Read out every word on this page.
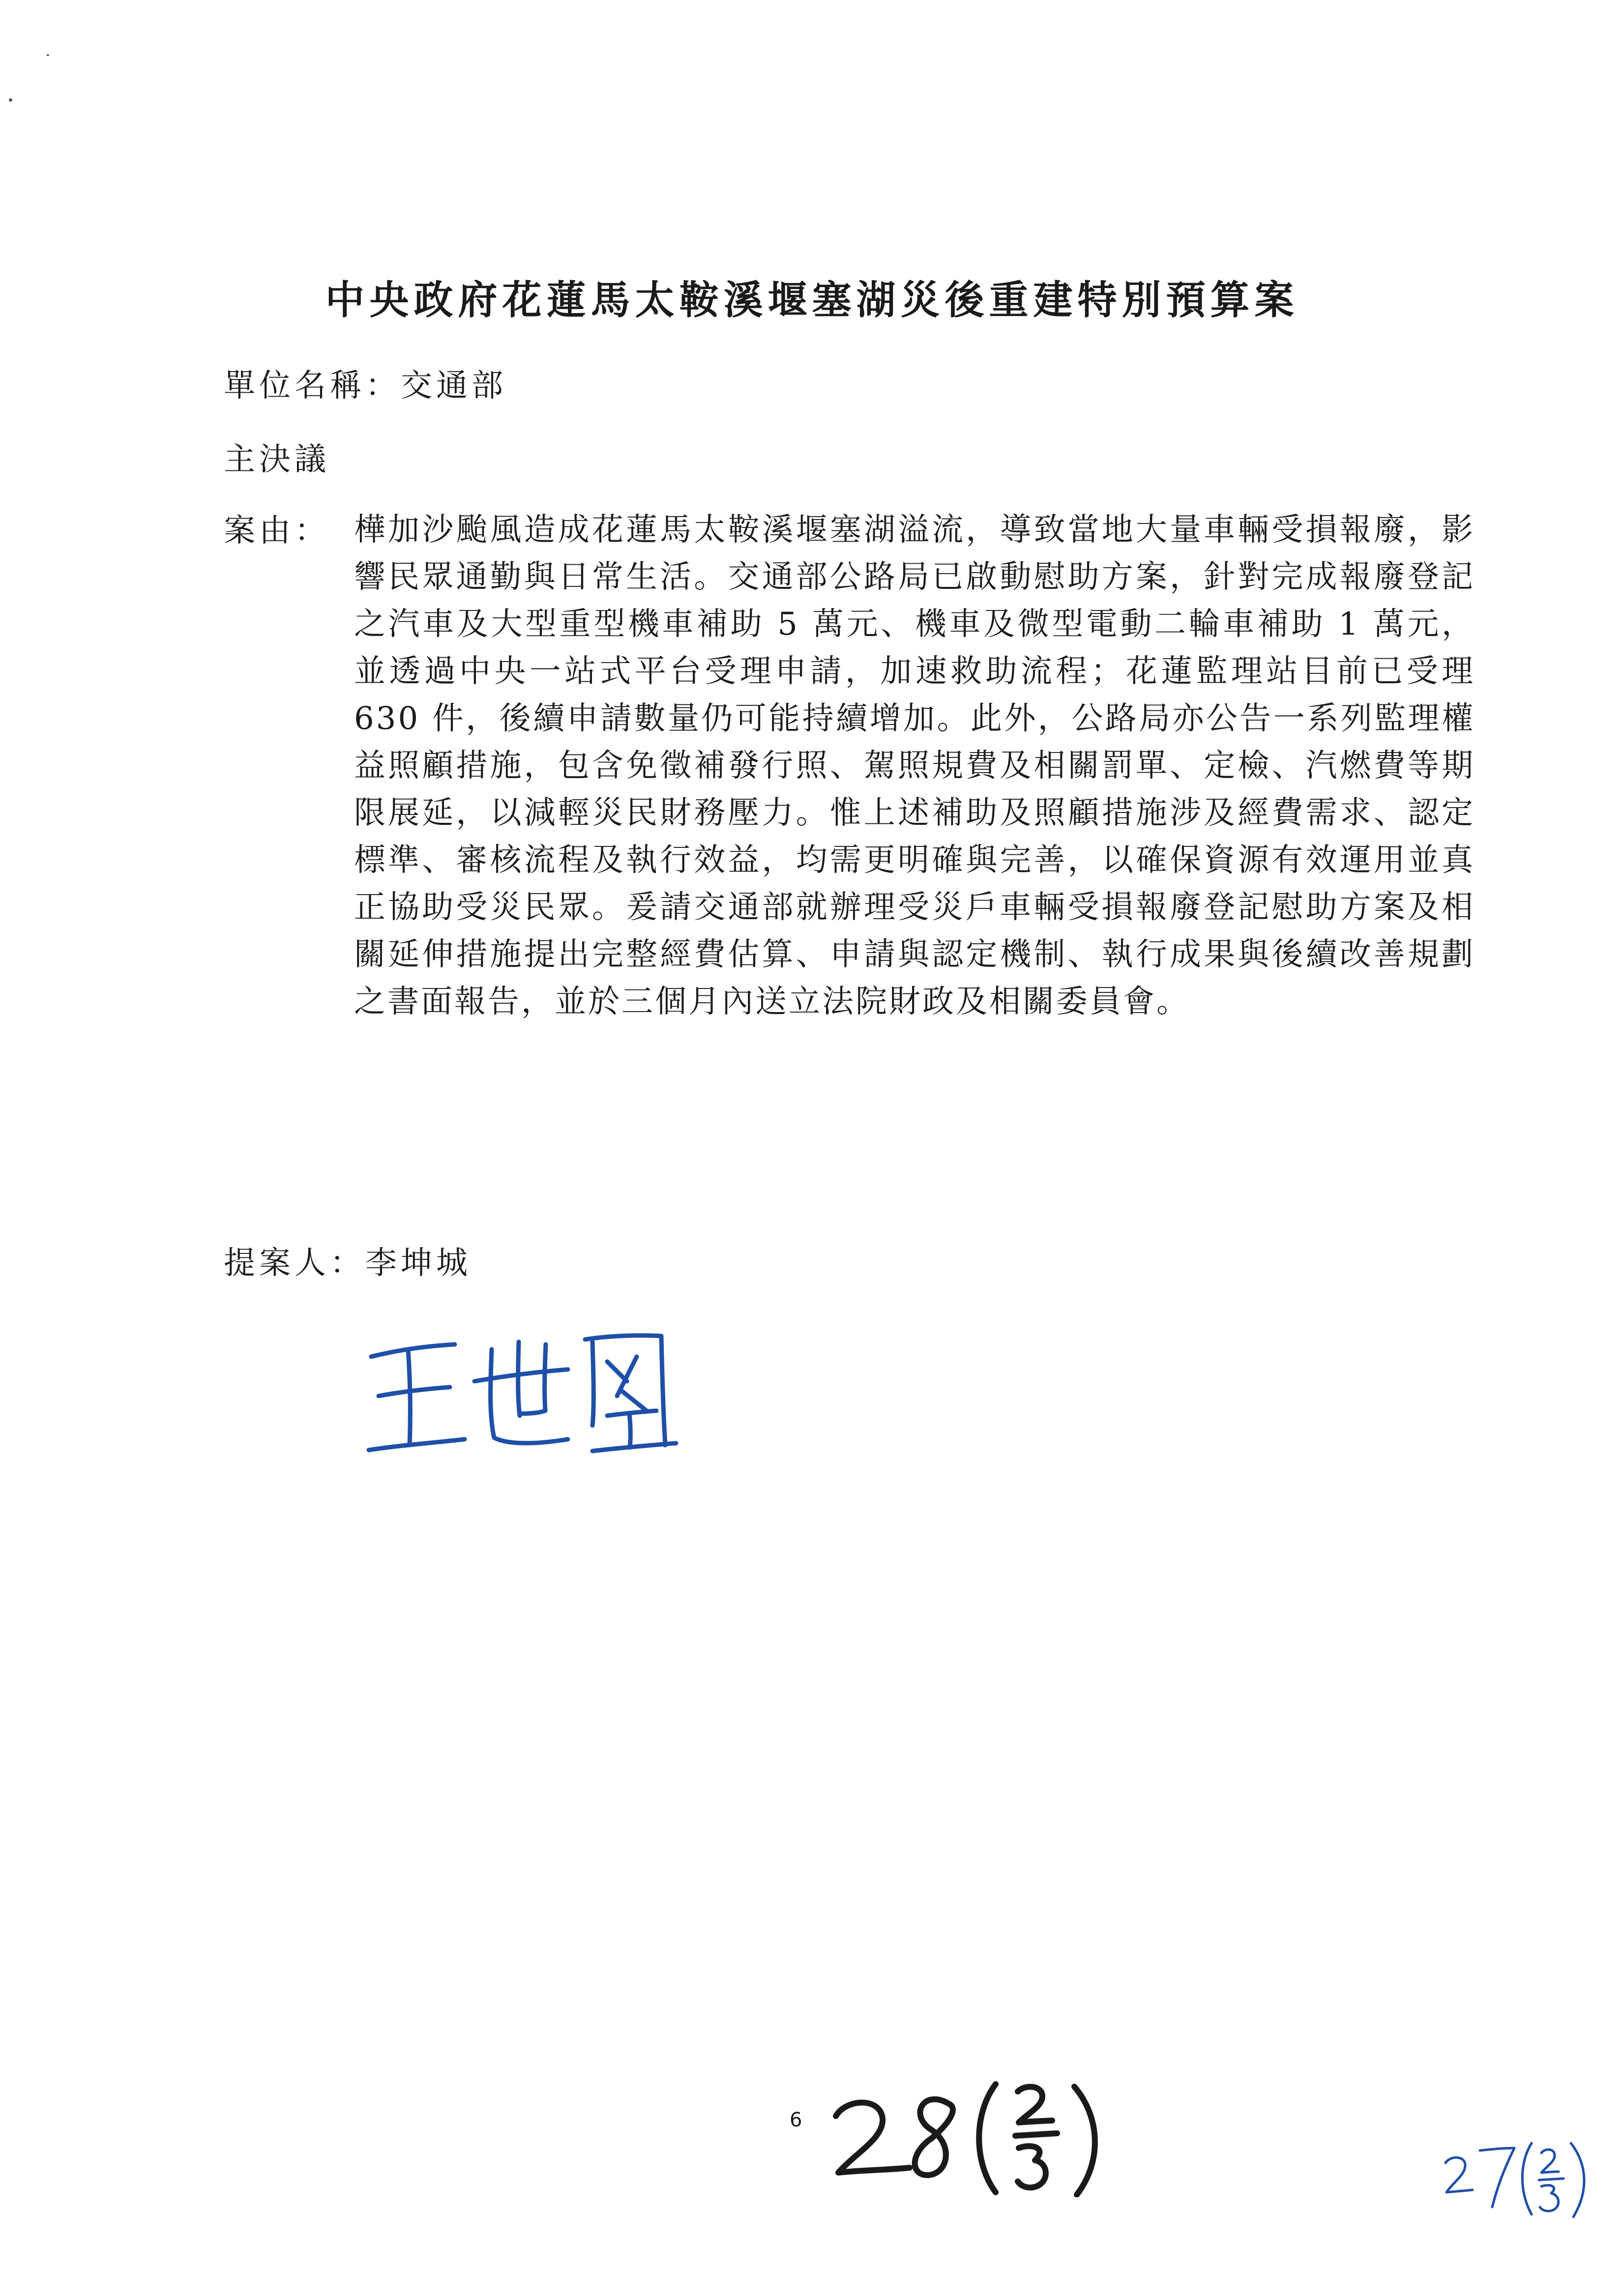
中央政府花蓮馬太鞍溪堰塞湖災後重建特別預算案
單位名稱：交通部
主決議
案由： 樺加沙颱風造成花蓮馬太鞍溪堰塞湖溢流，導致當地大量車輛受損報廢，影響民眾通勤與日常生活。交通部公路局已啟動慰助方案，針對完成報廢登記之汽車及大型重型機車補助 5 萬元、機車及微型電動二輪車補助 1 萬元，並透過中央一站式平台受理申請，加速救助流程；花蓮監理站目前已受理 630 件，後續申請數量仍可能持續增加。此外，公路局亦公告一系列監理權益照顧措施，包含免徵補發行照、駕照規費及相關罰單、定檢、汽燃費等期限展延，以減輕災民財務壓力。惟上述補助及照顧措施涉及經費需求、認定標準、審核流程及執行效益，均需更明確與完善，以確保資源有效運用並真正協助受災民眾。爰請交通部就辦理受災戶車輛受損報廢登記慰助方案及相關延伸措施提出完整經費估算、申請與認定機制、執行成果與後續改善規劃之書面報告，並於三個月內送立法院財政及相關委員會。
提案人：李坤城
6
